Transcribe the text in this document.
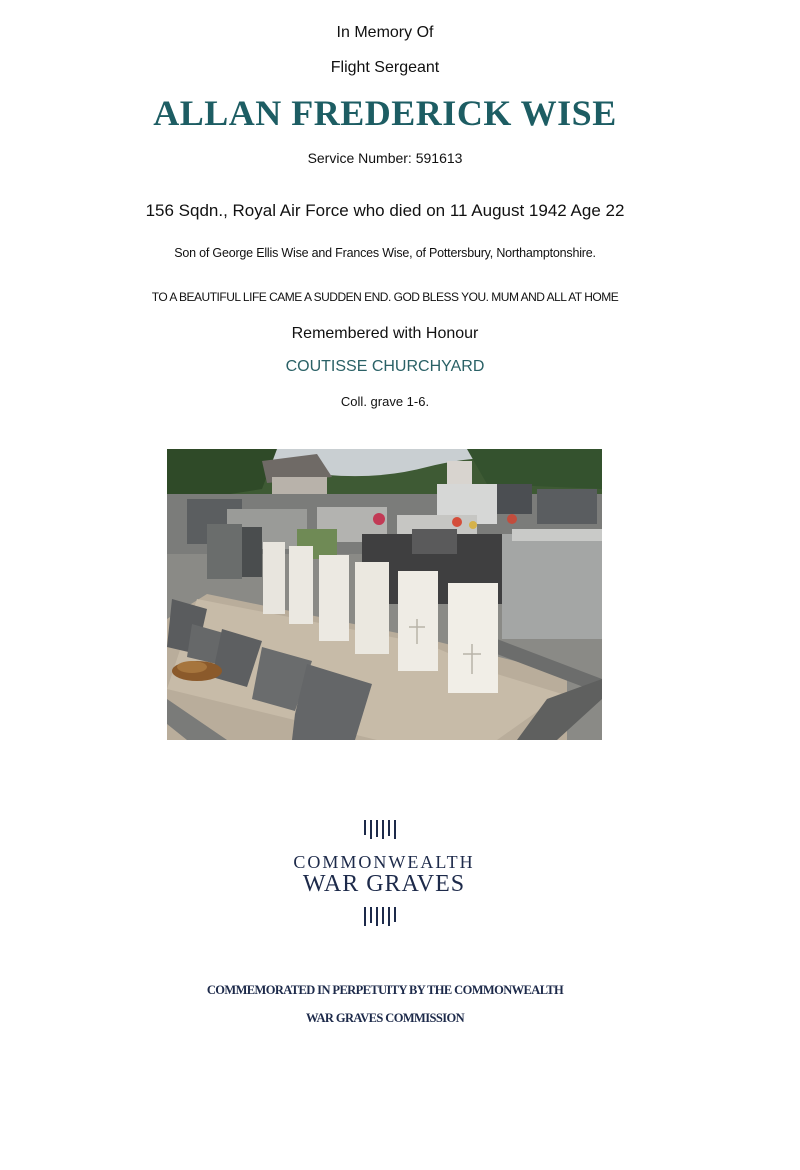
In Memory Of
Flight Sergeant
ALLAN FREDERICK WISE
Service Number: 591613
156 Sqdn., Royal Air Force who died on 11 August 1942 Age 22
Son of George Ellis Wise and Frances Wise, of Pottersbury, Northamptonshire.
TO A BEAUTIFUL LIFE CAME A SUDDEN END. GOD BLESS YOU. MUM AND ALL AT HOME
Remembered with Honour
COUTISSE CHURCHYARD
Coll. grave 1-6.
COMMONWEALTH
WAR GRAVES
COMMEMORATED IN PERPETUITY BY THE COMMONWEALTH
WAR GRAVES COMMISSION
